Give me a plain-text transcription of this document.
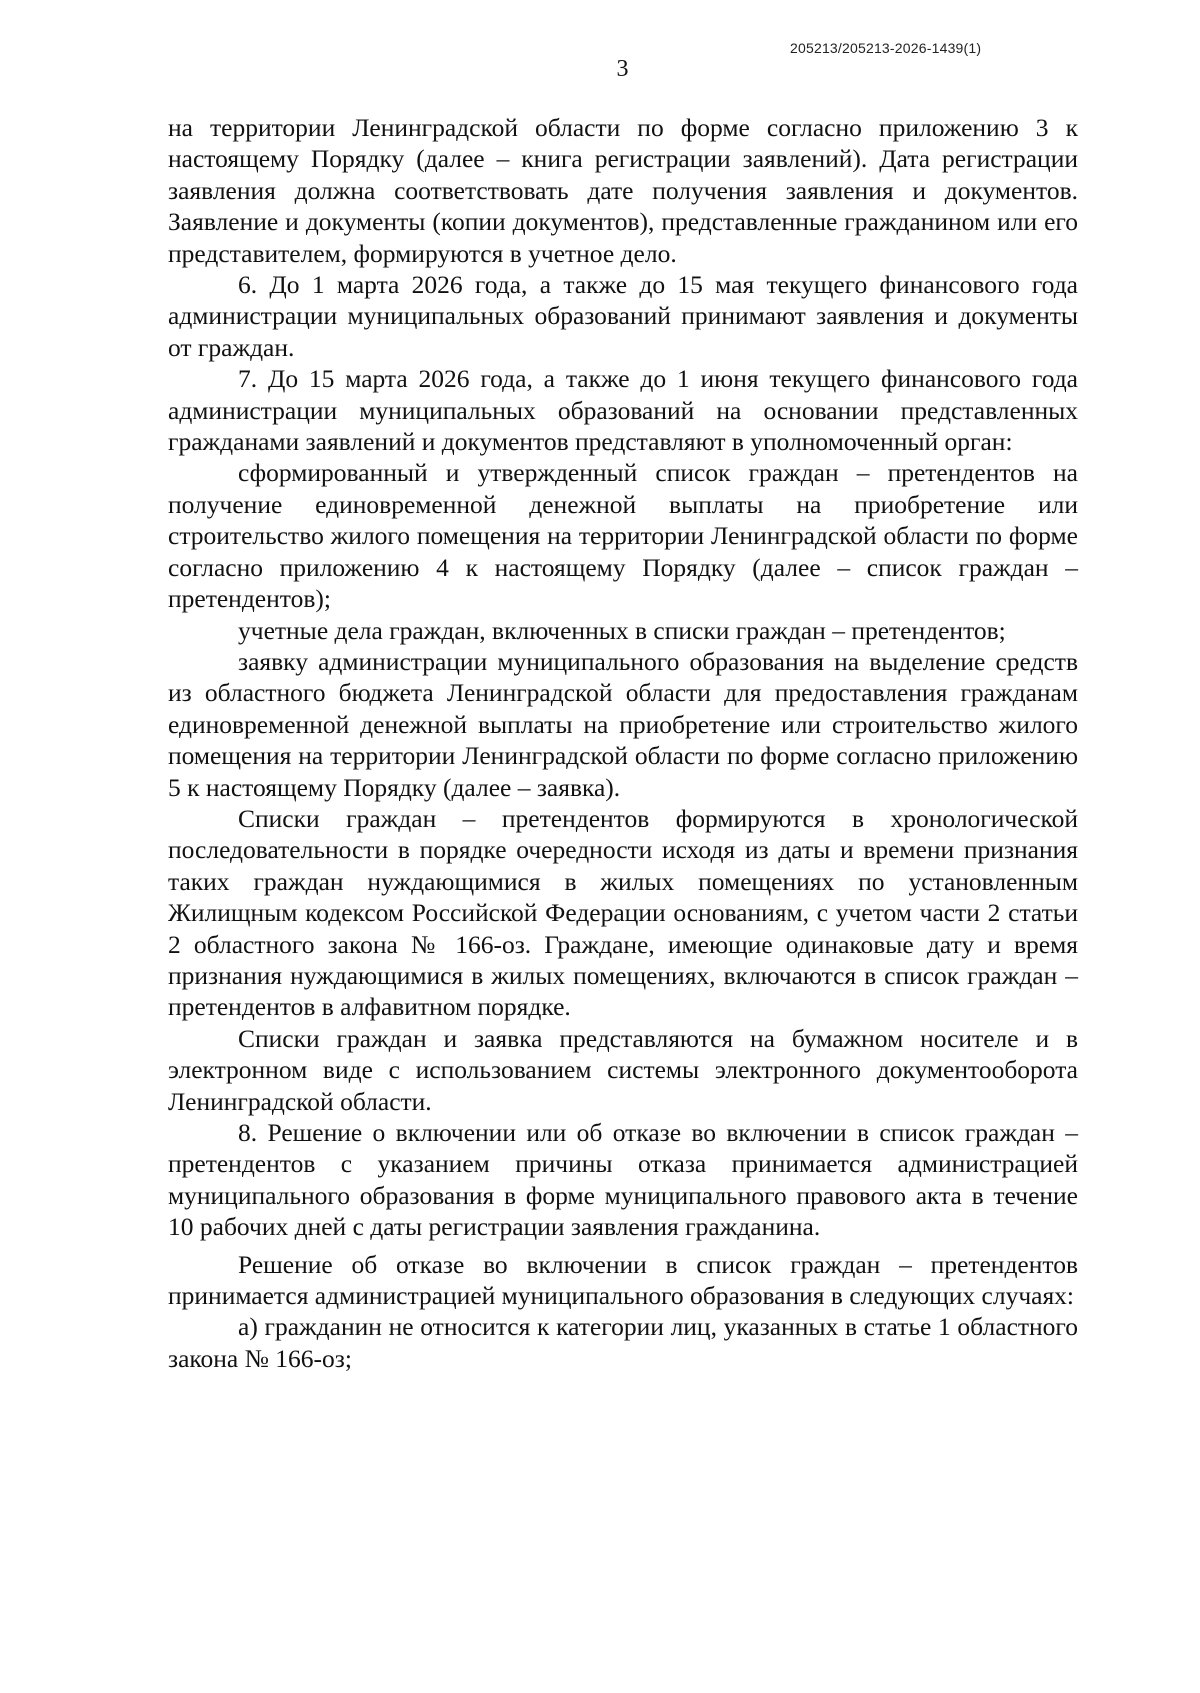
205213/205213-2026-1439(1)
3

на территории Ленинградской области по форме согласно приложению 3 к настоящему Порядку (далее – книга регистрации заявлений). Дата регистрации заявления должна соответствовать дате получения заявления и документов. Заявление и документы (копии документов), представленные гражданином или его представителем, формируются в учетное дело.

6. До 1 марта 2026 года, а также до 15 мая текущего финансового года администрации муниципальных образований принимают заявления и документы от граждан.

7. До 15 марта 2026 года, а также до 1 июня текущего финансового года администрации муниципальных образований на основании представленных гражданами заявлений и документов представляют в уполномоченный орган:

сформированный и утвержденный список граждан – претендентов на получение единовременной денежной выплаты на приобретение или строительство жилого помещения на территории Ленинградской области по форме согласно приложению 4 к настоящему Порядку (далее – список граждан – претендентов);

учетные дела граждан, включенных в списки граждан – претендентов;

заявку администрации муниципального образования на выделение средств из областного бюджета Ленинградской области для предоставления гражданам единовременной денежной выплаты на приобретение или строительство жилого помещения на территории Ленинградской области по форме согласно приложению 5 к настоящему Порядку (далее – заявка).

Списки граждан – претендентов формируются в хронологической последовательности в порядке очередности исходя из даты и времени признания таких граждан нуждающимися в жилых помещениях по установленным Жилищным кодексом Российской Федерации основаниям, с учетом части 2 статьи 2 областного закона № 166-оз. Граждане, имеющие одинаковые дату и время признания нуждающимися в жилых помещениях, включаются в список граждан – претендентов в алфавитном порядке.

Списки граждан и заявка представляются на бумажном носителе и в электронном виде с использованием системы электронного документооборота Ленинградской области.

8. Решение о включении или об отказе во включении в список граждан – претендентов с указанием причины отказа принимается администрацией муниципального образования в форме муниципального правового акта в течение 10 рабочих дней с даты регистрации заявления гражданина.

Решение об отказе во включении в список граждан – претендентов принимается администрацией муниципального образования в следующих случаях:

а) гражданин не относится к категории лиц, указанных в статье 1 областного закона № 166-оз;
